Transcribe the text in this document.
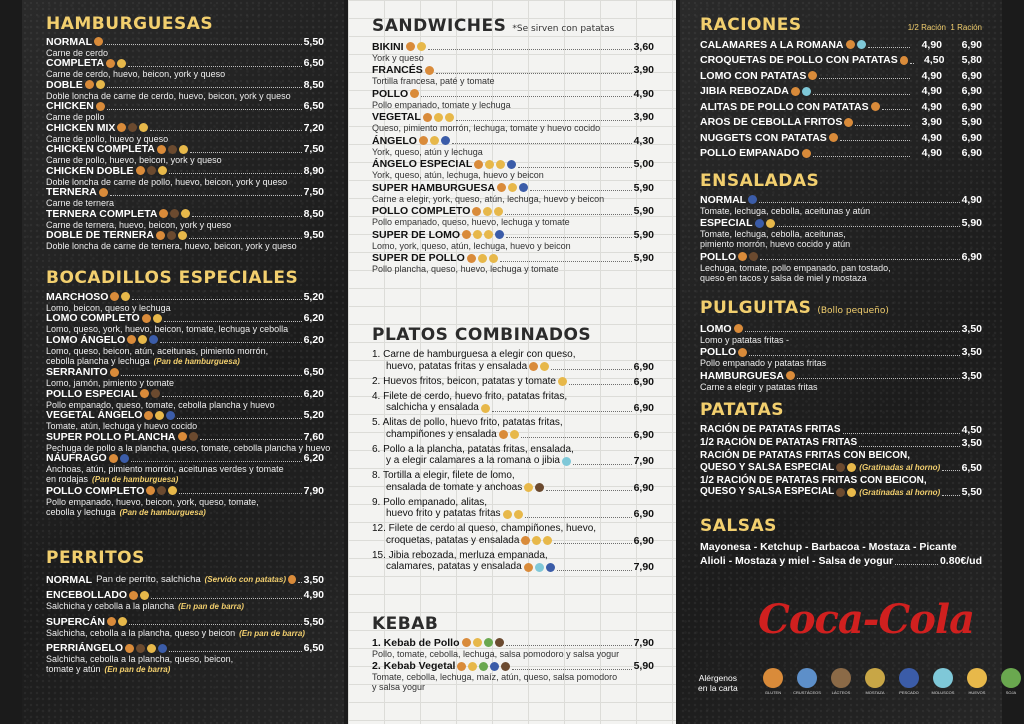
HAMBURGUESAS
NORMAL	5,50
Carne de cerdo
COMPLETA	6,50
Carne de cerdo, huevo, beicon, york y queso
DOBLE	8,50
Doble loncha de carne de cerdo, huevo, beicon, york y queso
CHICKEN	6,50
Carne de pollo
CHICKEN MIX	7,20
Carne de pollo, huevo y queso
CHICKEN COMPLETA	7,50
Carne de pollo, huevo, beicon, york y queso
CHICKEN DOBLE	8,90
Doble loncha de carne de pollo, huevo, beicon, york y queso
TERNERA	7,50
Carne de ternera
TERNERA COMPLETA	8,50
Carne de ternera, huevo, beicon, york y queso
DOBLE DE TERNERA	9,50
Doble loncha de carne de ternera, huevo, beicon, york y queso
BOCADILLOS ESPECIALES
MARCHOSO	5,20
Lomo, beicon, queso y lechuga
LOMO COMPLETO	6,20
Lomo, queso, york, huevo, beicon, tomate, lechuga y cebolla
LOMO ÁNGELO	6,20
Lomo, queso, beicon, atún, aceitunas, pimiento morrón,
cebolla plancha y lechuga (Pan de hamburguesa)
SERRANITO	6,50
Lomo, jamón, pimiento y tomate
POLLO ESPECIAL	6,20
Pollo empanado, queso, tomate, cebolla plancha y huevo
VEGETAL ÁNGELO	5,20
Tomate, atún, lechuga y huevo cocido
SUPER POLLO PLANCHA	7,60
Pechuga de pollo a la plancha, queso, tomate, cebolla plancha y huevo
NÁUFRAGO	6,20
Anchoas, atún, pimiento morrón, aceitunas verdes y tomate
en rodajas (Pan de hamburguesa)
POLLO COMPLETO	7,90
Pollo empanado, huevo, beicon, york, queso, tomate,
cebolla y lechuga (Pan de hamburguesa)
PERRITOS
NORMAL Pan de perrito, salchicha (Servido con patatas) 3,50
ENCEBOLLADO	4,90
Salchicha y cebolla a la plancha (En pan de barra)
SUPERCÁN	5,50
Salchicha, cebolla a la plancha, queso y beicon (En pan de barra)
PERRIÁNGELO	6,50
Salchicha, cebolla a la plancha, queso, beicon,
tomate y atún (En pan de barra)
SANDWICHES *Se sirven con patatas
BIKINI	3,60
York y queso
FRANCÉS	3,90
Tortilla francesa, paté y tomate
POLLO	4,90
Pollo empanado, tomate y lechuga
VEGETAL	3,90
Queso, pimiento morrón, lechuga, tomate y huevo cocido
ÁNGELO	4,30
York, queso, atún y lechuga
ÁNGELO ESPECIAL	5,00
York, queso, atún, lechuga, huevo y beicon
SUPER HAMBURGUESA	5,90
Carne a elegir, york, queso, atún, lechuga, huevo y beicon
POLLO COMPLETO	5,90
Pollo empanado, queso, huevo, lechuga y tomate
SUPER DE LOMO	5,90
Lomo, york, queso, atún, lechuga, huevo y beicon
SUPER DE POLLO	5,90
Pollo plancha, queso, huevo, lechuga y tomate
PLATOS COMBINADOS
1. Carne de hamburguesa a elegir con queso,
huevo, patatas fritas y ensalada	6,90
2. Huevos fritos, beicon, patatas y tomate	6,90
4. Filete de cerdo, huevo frito, patatas fritas,
salchicha y ensalada	6,90
5. Alitas de pollo, huevo frito, patatas fritas,
champiñones y ensalada	6,90
6. Pollo a la plancha, patatas fritas, ensalada,
y a elegir calamares a la romana o jibia	7,90
8. Tortilla a elegir, filete de lomo,
ensalada de tomate y anchoas	6,90
9. Pollo empanado, alitas,
huevo frito y patatas fritas	6,90
12. Filete de cerdo al queso, champiñones, huevo,
croquetas, patatas y ensalada	6,90
15. Jibia rebozada, merluza empanada,
calamares, patatas y ensalada	7,90
KEBAB
1. Kebab de Pollo	7,90
Pollo, tomate, cebolla, lechuga, salsa pomodoro y salsa yogur
2. Kebab Vegetal	5,90
Tomate, cebolla, lechuga, maíz, atún, queso, salsa pomodoro
y salsa yogur
RACIONES	1/2 Ración 1 Ración
CALAMARES A LA ROMANA	4,90	6,90
CROQUETAS DE POLLO CON PATATAS	4,50	5,80
LOMO CON PATATAS	4,90	6,90
JIBIA REBOZADA	4,90	6,90
ALITAS DE POLLO CON PATATAS	4,90	6,90
AROS DE CEBOLLA FRITOS	3,90	5,90
NUGGETS CON PATATAS	4,90	6,90
POLLO EMPANADO	4,90	6,90
ENSALADAS
NORMAL	4,90
Tomate, lechuga, cebolla, aceitunas y atún
ESPECIAL	5,90
Tomate, lechuga, cebolla, aceitunas,
pimiento morrón, huevo cocido y atún
POLLO	6,90
Lechuga, tomate, pollo empanado, pan tostado,
queso en tacos y salsa de miel y mostaza
PULGUITAS (Bollo pequeño)
LOMO	3,50
Lomo y patatas fritas -
POLLO	3,50
Pollo empanado y patatas fritas
HAMBURGUESA	3,50
Carne a elegir y patatas fritas
PATATAS
RACIÓN DE PATATAS FRITAS	4,50
1/2 RACIÓN DE PATATAS FRITAS	3,50
RACIÓN DE PATATAS FRITAS CON BEICON,
QUESO Y SALSA ESPECIAL	(Gratinadas al horno) 6,50
1/2 RACIÓN DE PATATAS FRITAS CON BEICON,
QUESO Y SALSA ESPECIAL	(Gratinadas al horno) 5,50
SALSAS
Mayonesa - Ketchup - Barbacoa - Mostaza - Picante
Alioli - Mostaza y miel - Salsa de yogur	0.80€/ud
Coca-Cola
Alérgenos
en la carta	GLUTEN	CRUSTÁCEOS	LÁCTEOS	MOSTAZA	PESCADO	MOLUSCOS	HUEVOS	SOJA
